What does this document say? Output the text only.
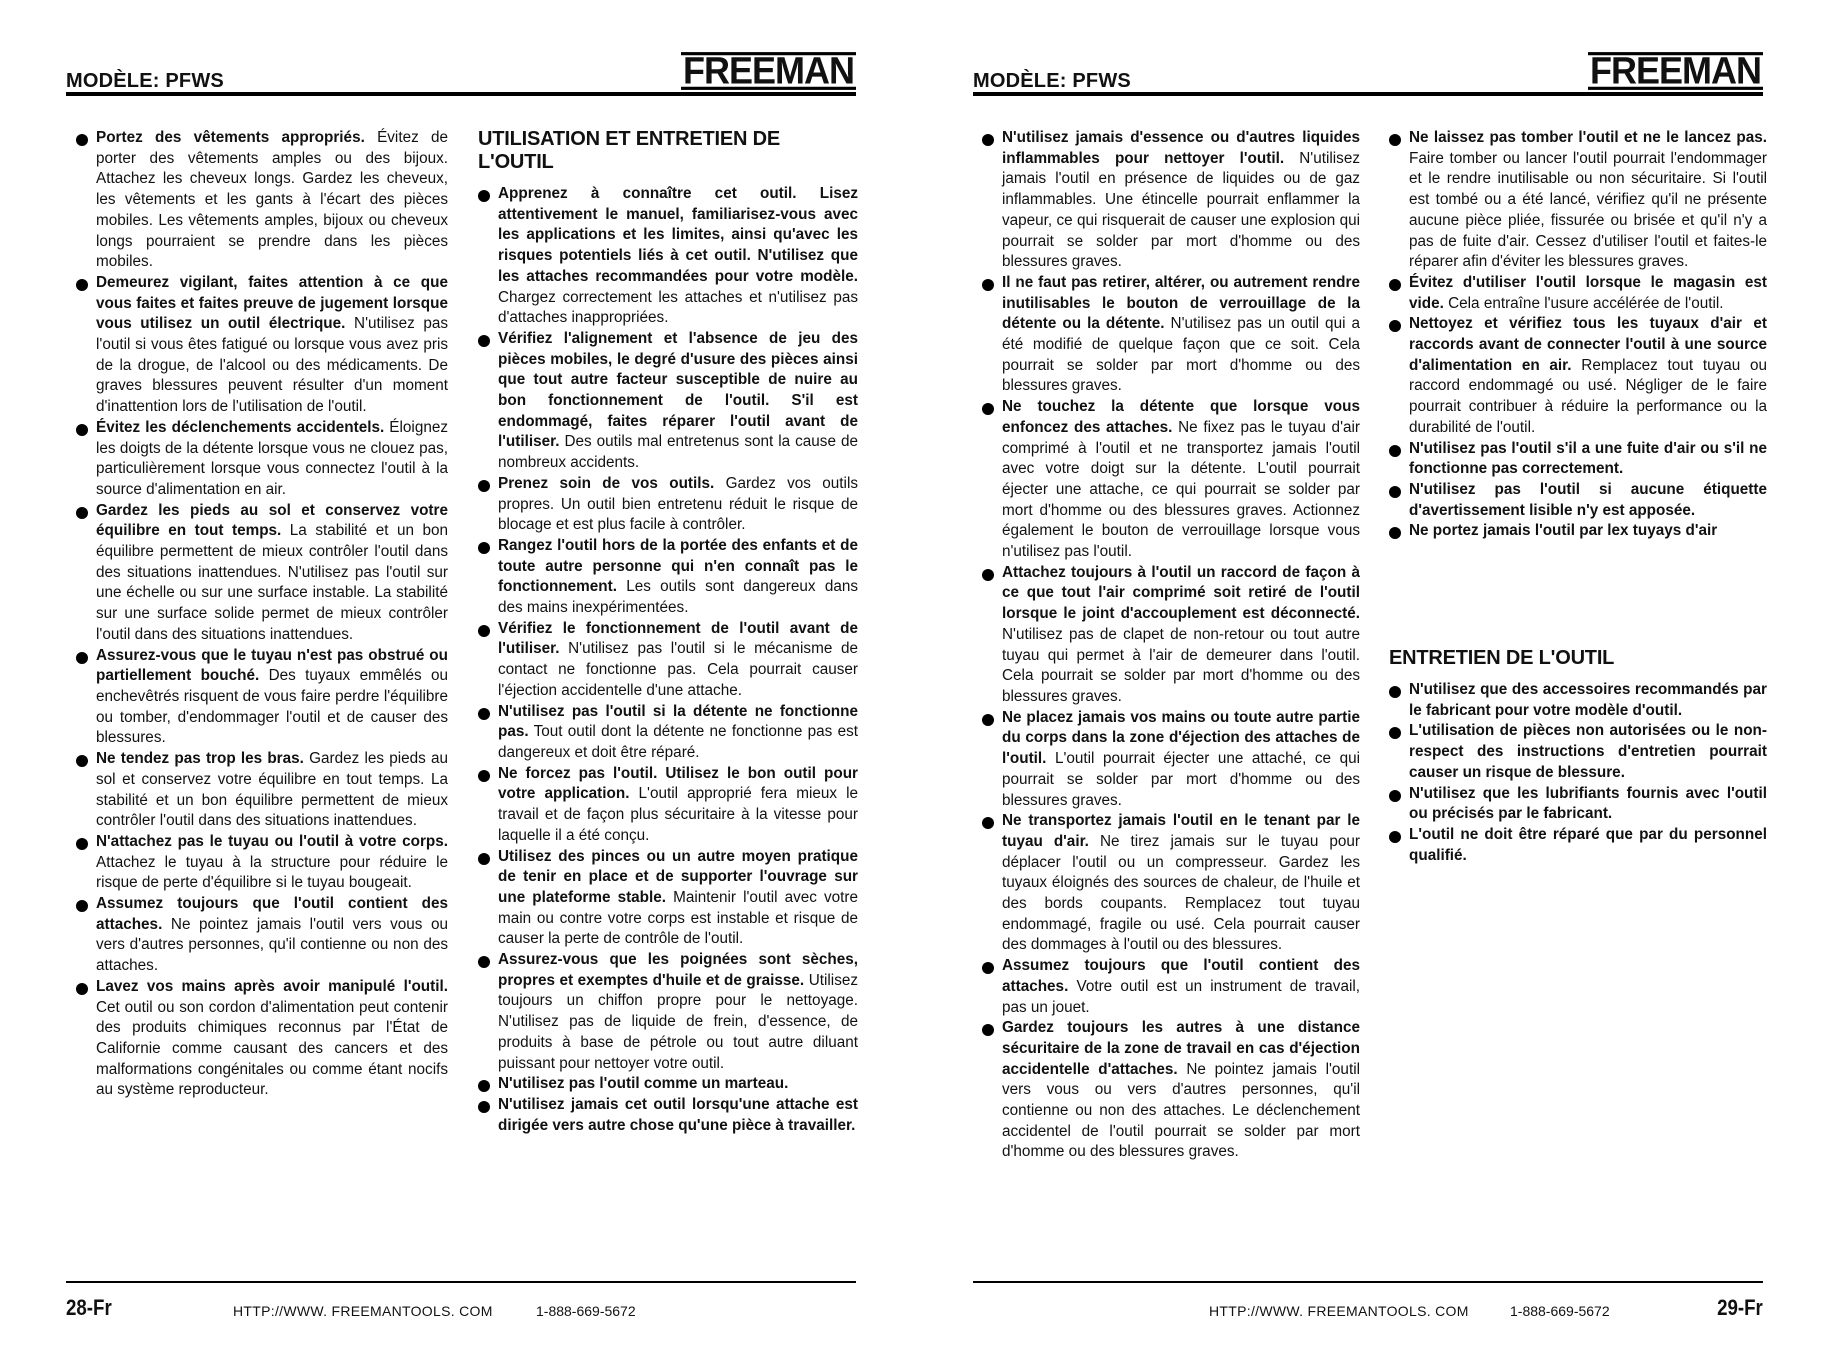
MODÈLE: PFWS	FREEMAN
Portez des vêtements appropriés. Évitez de porter des vêtements amples ou des bijoux. Attachez les cheveux longs. Gardez les cheveux, les vêtements et les gants à l'écart des pièces mobiles. Les vêtements amples, bijoux ou cheveux longs pourraient se prendre dans les pièces mobiles.
Demeurez vigilant, faites attention à ce que vous faites et faites preuve de jugement lorsque vous utilisez un outil électrique. N'utilisez pas l'outil si vous êtes fatigué ou lorsque vous avez pris de la drogue, de l'alcool ou des médicaments. De graves blessures peuvent résulter d'un moment d'inattention lors de l'utilisation de l'outil.
Évitez les déclenchements accidentels. Éloignez les doigts de la détente lorsque vous ne clouez pas, particulièrement lorsque vous connectez l'outil à la source d'alimentation en air.
Gardez les pieds au sol et conservez votre équilibre en tout temps. La stabilité et un bon équilibre permettent de mieux contrôler l'outil dans des situations inattendues. N'utilisez pas l'outil sur une échelle ou sur une surface instable. La stabilité sur une surface solide permet de mieux contrôler l'outil dans des situations inattendues.
Assurez-vous que le tuyau n'est pas obstrué ou partiellement bouché. Des tuyaux emmêlés ou enchevêtrés risquent de vous faire perdre l'équilibre ou tomber, d'endommager l'outil et de causer des blessures.
Ne tendez pas trop les bras. Gardez les pieds au sol et conservez votre équilibre en tout temps. La stabilité et un bon équilibre permettent de mieux contrôler l'outil dans des situations inattendues.
N'attachez pas le tuyau ou l'outil à votre corps. Attachez le tuyau à la structure pour réduire le risque de perte d'équilibre si le tuyau bougeait.
Assumez toujours que l'outil contient des attaches. Ne pointez jamais l'outil vers vous ou vers d'autres personnes, qu'il contienne ou non des attaches.
Lavez vos mains après avoir manipulé l'outil. Cet outil ou son cordon d'alimentation peut contenir des produits chimiques reconnus par l'État de Californie comme causant des cancers et des malformations congénitales ou comme étant nocifs au système reproducteur.
UTILISATION ET ENTRETIEN DE L'OUTIL
Apprenez à connaître cet outil. Lisez attentivement le manuel, familiarisez-vous avec les applications et les limites, ainsi qu'avec les risques potentiels liés à cet outil. N'utilisez que les attaches recommandées pour votre modèle. Chargez correctement les attaches et n'utilisez pas d'attaches inappropriées.
Vérifiez l'alignement et l'absence de jeu des pièces mobiles, le degré d'usure des pièces ainsi que tout autre facteur susceptible de nuire au bon fonctionnement de l'outil. S'il est endommagé, faites réparer l'outil avant de l'utiliser. Des outils mal entretenus sont la cause de nombreux accidents.
Prenez soin de vos outils. Gardez vos outils propres. Un outil bien entretenu réduit le risque de blocage et est plus facile à contrôler.
Rangez l'outil hors de la portée des enfants et de toute autre personne qui n'en connaît pas le fonctionnement. Les outils sont dangereux dans des mains inexpérimentées.
Vérifiez le fonctionnement de l'outil avant de l'utiliser. N'utilisez pas l'outil si le mécanisme de contact ne fonctionne pas. Cela pourrait causer l'éjection accidentelle d'une attache.
N'utilisez pas l'outil si la détente ne fonctionne pas. Tout outil dont la détente ne fonctionne pas est dangereux et doit être réparé.
Ne forcez pas l'outil. Utilisez le bon outil pour votre application. L'outil approprié fera mieux le travail et de façon plus sécuritaire à la vitesse pour laquelle il a été conçu.
Utilisez des pinces ou un autre moyen pratique de tenir en place et de supporter l'ouvrage sur une plateforme stable. Maintenir l'outil avec votre main ou contre votre corps est instable et risque de causer la perte de contrôle de l'outil.
Assurez-vous que les poignées sont sèches, propres et exemptes d'huile et de graisse. Utilisez toujours un chiffon propre pour le nettoyage. N'utilisez pas de liquide de frein, d'essence, de produits à base de pétrole ou tout autre diluant puissant pour nettoyer votre outil.
N'utilisez pas l'outil comme un marteau.
N'utilisez jamais cet outil lorsqu'une attache est dirigée vers autre chose qu'une pièce à travailler.
28-Fr	HTTP://WWW. FREEMANTOOLS. COM	1-888-669-5672
MODÈLE: PFWS	FREEMAN
N'utilisez jamais d'essence ou d'autres liquides inflammables pour nettoyer l'outil. N'utilisez jamais l'outil en présence de liquides ou de gaz inflammables. Une étincelle pourrait enflammer la vapeur, ce qui risquerait de causer une explosion qui pourrait se solder par mort d'homme ou des blessures graves.
Il ne faut pas retirer, altérer, ou autrement rendre inutilisables le bouton de verrouillage de la détente ou la détente. N'utilisez pas un outil qui a été modifié de quelque façon que ce soit. Cela pourrait se solder par mort d'homme ou des blessures graves.
Ne touchez la détente que lorsque vous enfoncez des attaches. Ne fixez pas le tuyau d'air comprimé à l'outil et ne transportez jamais l'outil avec votre doigt sur la détente. L'outil pourrait éjecter une attache, ce qui pourrait se solder par mort d'homme ou des blessures graves. Actionnez également le bouton de verrouillage lorsque vous n'utilisez pas l'outil.
Attachez toujours à l'outil un raccord de façon à ce que tout l'air comprimé soit retiré de l'outil lorsque le joint d'accouplement est déconnecté. N'utilisez pas de clapet de non-retour ou tout autre tuyau qui permet à l'air de demeurer dans l'outil. Cela pourrait se solder par mort d'homme ou des blessures graves.
Ne placez jamais vos mains ou toute autre partie du corps dans la zone d'éjection des attaches de l'outil. L'outil pourrait éjecter une attaché, ce qui pourrait se solder par mort d'homme ou des blessures graves.
Ne transportez jamais l'outil en le tenant par le tuyau d'air. Ne tirez jamais sur le tuyau pour déplacer l'outil ou un compresseur. Gardez les tuyaux éloignés des sources de chaleur, de l'huile et des bords coupants. Remplacez tout tuyau endommagé, fragile ou usé. Cela pourrait causer des dommages à l'outil ou des blessures.
Assumez toujours que l'outil contient des attaches. Votre outil est un instrument de travail, pas un jouet.
Gardez toujours les autres à une distance sécuritaire de la zone de travail en cas d'éjection accidentelle d'attaches. Ne pointez jamais l'outil vers vous ou vers d'autres personnes, qu'il contienne ou non des attaches. Le déclenchement accidentel de l'outil pourrait se solder par mort d'homme ou des blessures graves.
Ne laissez pas tomber l'outil et ne le lancez pas. Faire tomber ou lancer l'outil pourrait l'endommager et le rendre inutilisable ou non sécuritaire. Si l'outil est tombé ou a été lancé, vérifiez qu'il ne présente aucune pièce pliée, fissurée ou brisée et qu'il n'y a pas de fuite d'air. Cessez d'utiliser l'outil et faites-le réparer afin d'éviter les blessures graves.
Évitez d'utiliser l'outil lorsque le magasin est vide. Cela entraîne l'usure accélérée de l'outil.
Nettoyez et vérifiez tous les tuyaux d'air et raccords avant de connecter l'outil à une source d'alimentation en air. Remplacez tout tuyau ou raccord endommagé ou usé. Négliger de le faire pourrait contribuer à réduire la performance ou la durabilité de l'outil.
N'utilisez pas l'outil s'il a une fuite d'air ou s'il ne fonctionne pas correctement.
N'utilisez pas l'outil si aucune étiquette d'avertissement lisible n'y est apposée.
Ne portez jamais l'outil par lex tuyays d'air
ENTRETIEN DE L'OUTIL
N'utilisez que des accessoires recommandés par le fabricant pour votre modèle d'outil.
L'utilisation de pièces non autorisées ou le non-respect des instructions d'entretien pourrait causer un risque de blessure.
N'utilisez que les lubrifiants fournis avec l'outil ou précisés par le fabricant.
L'outil ne doit être réparé que par du personnel qualifié.
HTTP://WWW. FREEMANTOOLS. COM	1-888-669-5672	29-Fr
